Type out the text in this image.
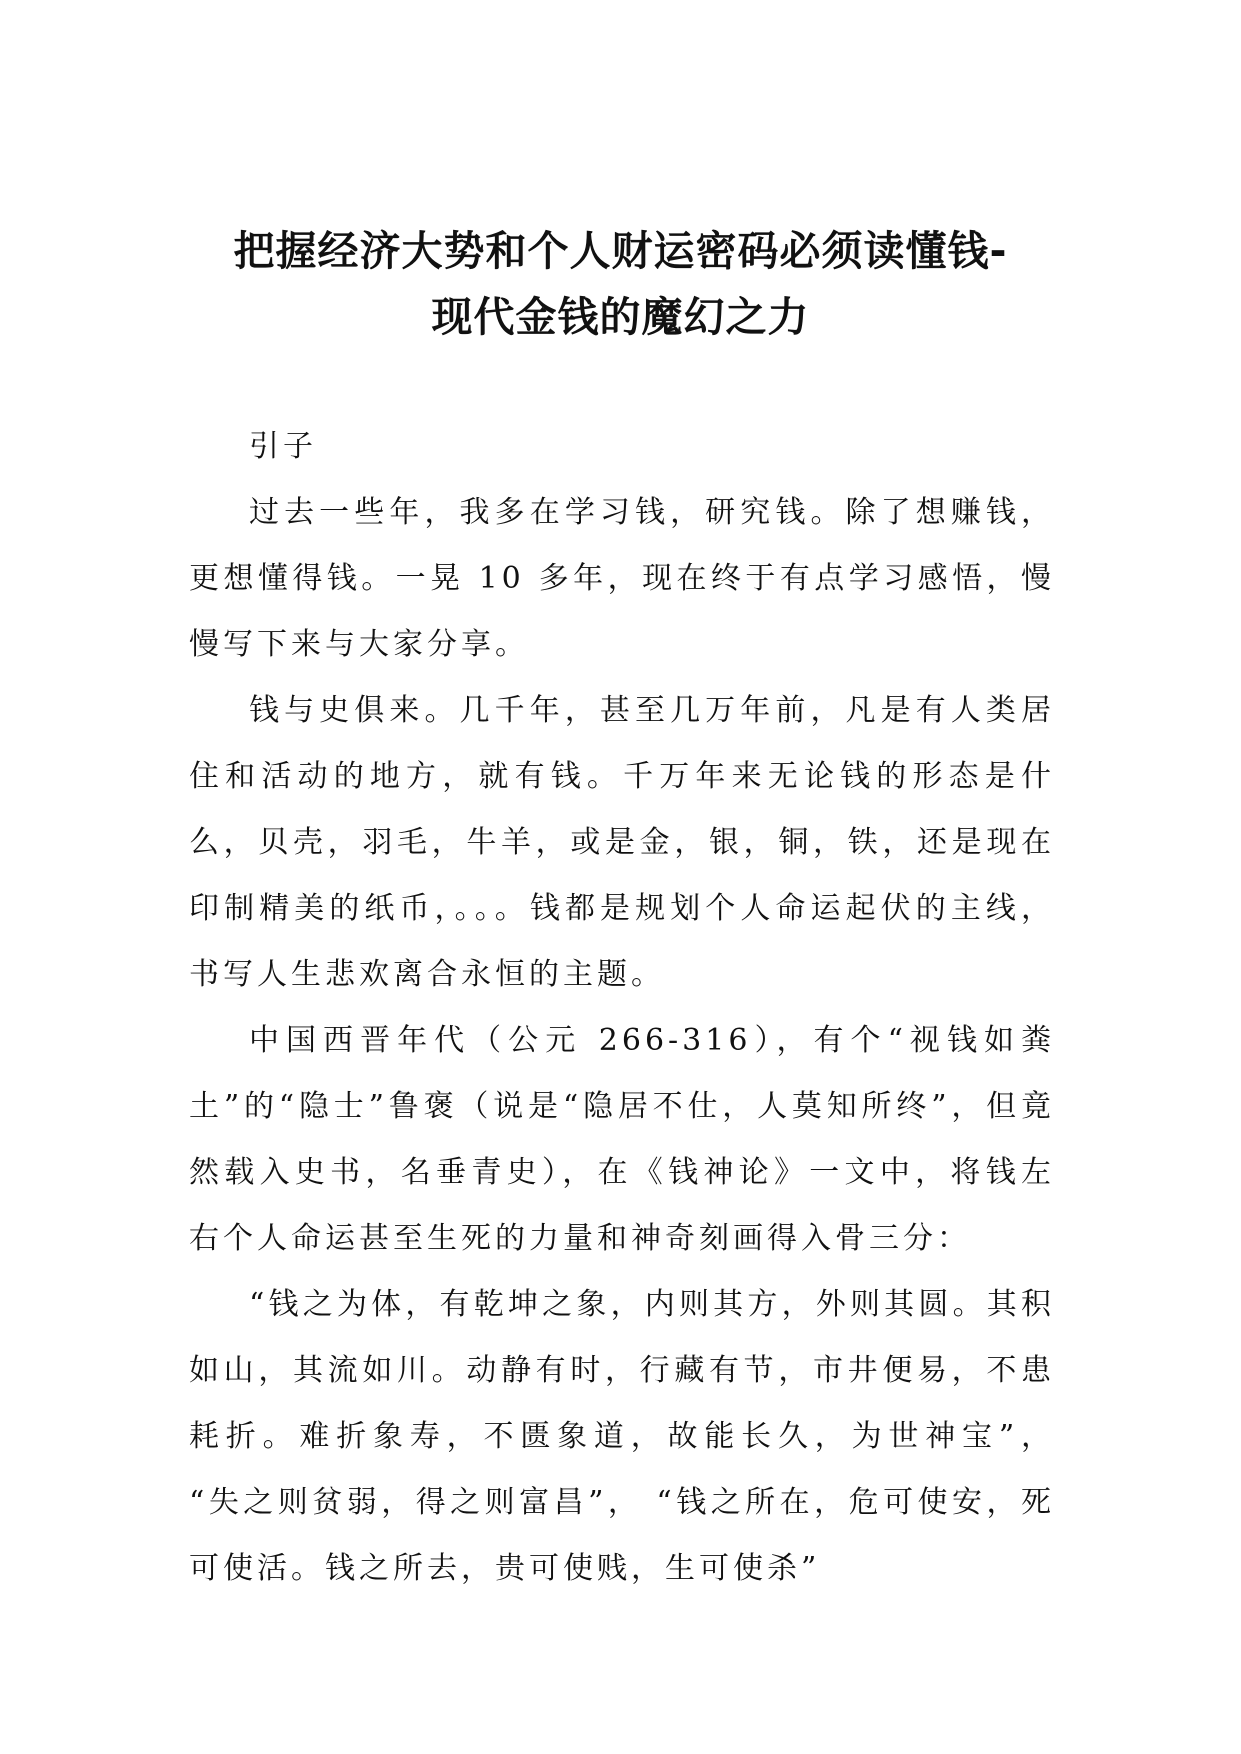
把握经济大势和个人财运密码必须读懂钱-
现代金钱的魔幻之力

引子

过去一些年，我多在学习钱，研究钱。除了想赚钱，更想懂得钱。一晃 10 多年，现在终于有点学习感悟，慢慢写下来与大家分享。

钱与史俱来。几千年，甚至几万年前，凡是有人类居住和活动的地方，就有钱。千万年来无论钱的形态是什么，贝壳，羽毛，牛羊，或是金，银，铜，铁，还是现在印制精美的纸币，。。。钱都是规划个人命运起伏的主线，书写人生悲欢离合永恒的主题。

中国西晋年代（公元 266-316），有个“视钱如粪土”的“隐士”鲁褒（说是“隐居不仕，人莫知所终”，但竟然载入史书，名垂青史），在《钱神论》一文中，将钱左右个人命运甚至生死的力量和神奇刻画得入骨三分：

“钱之为体，有乾坤之象，内则其方，外则其圆。其积如山，其流如川。动静有时，行藏有节，市井便易，不患耗折。难折象寿，不匮象道，故能长久，为世神宝”， “失之则贫弱，得之则富昌”， “钱之所在，危可使安，死可使活。钱之所去，贵可使贱，生可使杀”
